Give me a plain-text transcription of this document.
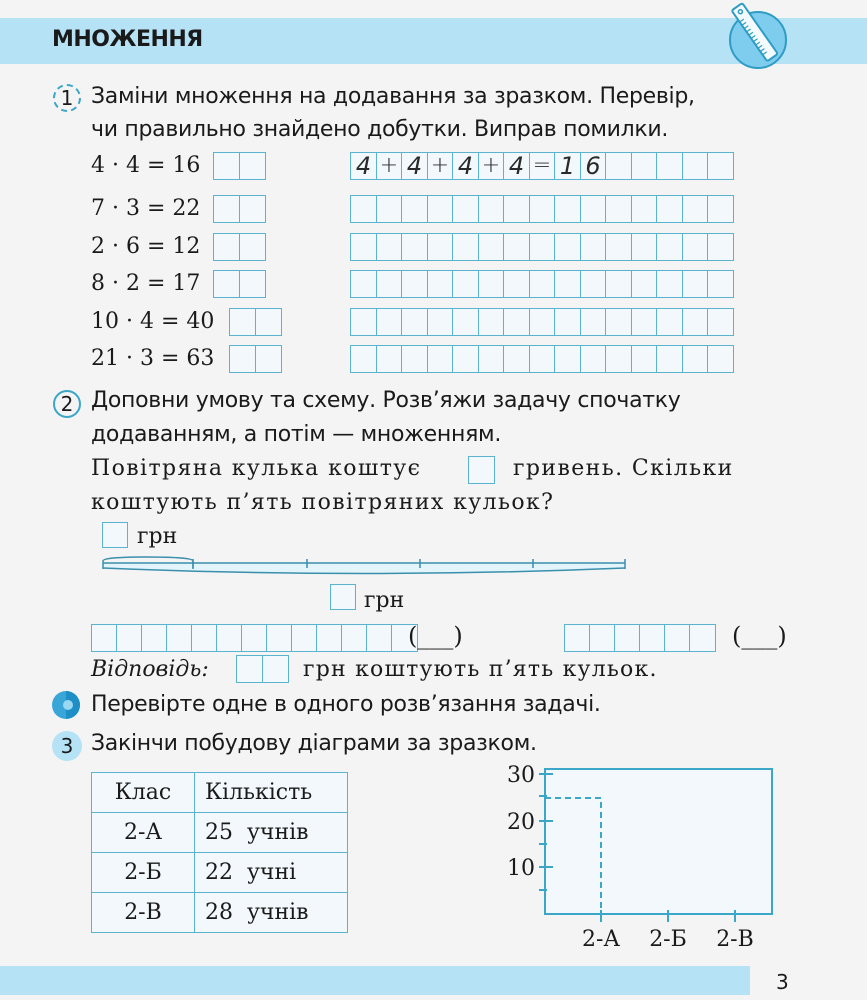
МНОЖЕННЯ
1 Заміни множення на додавання за зразком. Перевір,
чи правильно знайдено добутки. Виправ помилки.
4 · 4 = 16	4 + 4 + 4 + 4 = 1 6
7 · 3 = 22
2 · 6 = 12
8 · 2 = 17
10 · 4 = 40
21 · 3 = 63
2 Доповни умову та схему. Розв’яжи задачу спочатку
додаванням, а потім — множенням.
Повітряна кулька коштує	гривень. Скільки
коштують п’ять повітряних кульок?
грн
грн
(___)	(___)
Відповідь:	грн коштують п’ять кульок.
Перевірте одне в одного розв’язання задачі.
3 Закінчи побудову діаграми за зразком.
Клас	Кількість
2-А	25  учнів
2-Б	22  учні
2-В	28  учнів
30
20
10
2-А 2-Б 2-В
3
